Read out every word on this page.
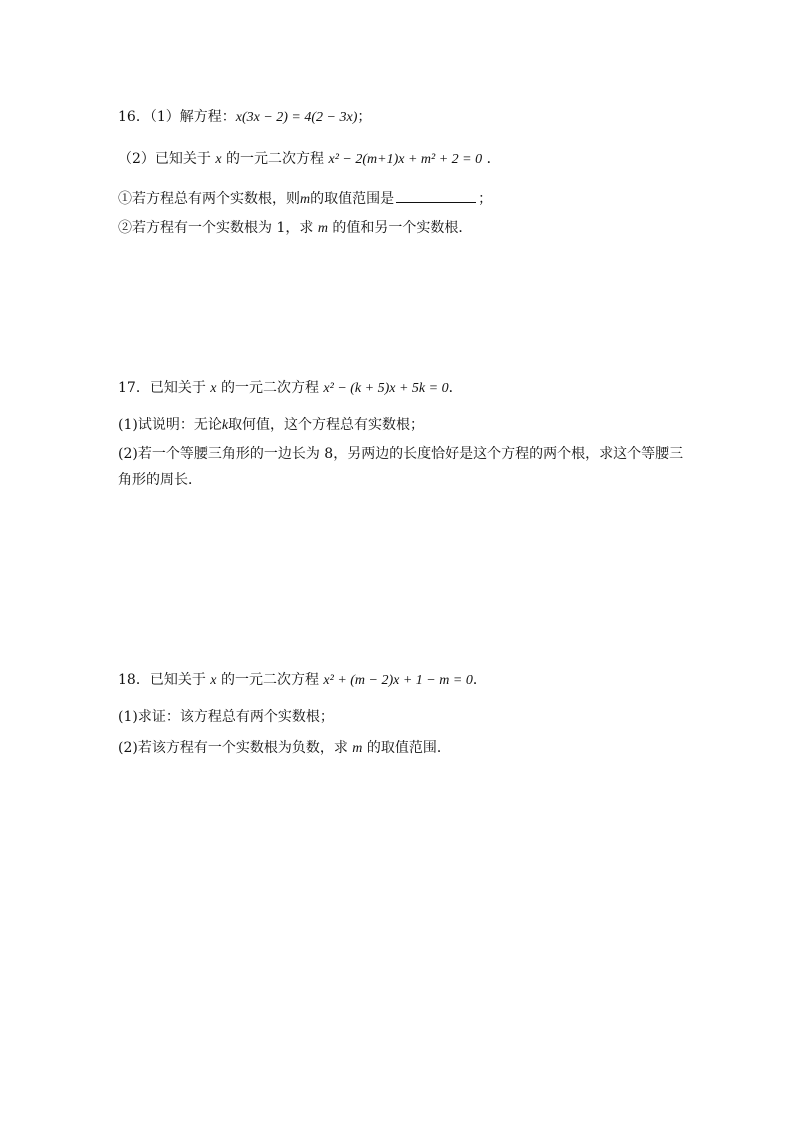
16．（1）解方程：x(3x − 2) = 4(2 − 3x)；
（2）已知关于 x 的一元二次方程 x² − 2(m+1)x + m² + 2 = 0 ．
①若方程总有两个实数根，则m的取值范围是	；
②若方程有一个实数根为 1，求 m 的值和另一个实数根．
17．已知关于 x 的一元二次方程 x² − (k + 5)x + 5k = 0．
(1)试说明：无论k取何值，这个方程总有实数根；
(2)若一个等腰三角形的一边长为 8，另两边的长度恰好是这个方程的两个根，求这个等腰三角形的周长．
18．已知关于 x 的一元二次方程 x² + (m − 2)x + 1 − m = 0．
(1)求证：该方程总有两个实数根；
(2)若该方程有一个实数根为负数，求 m 的取值范围．
